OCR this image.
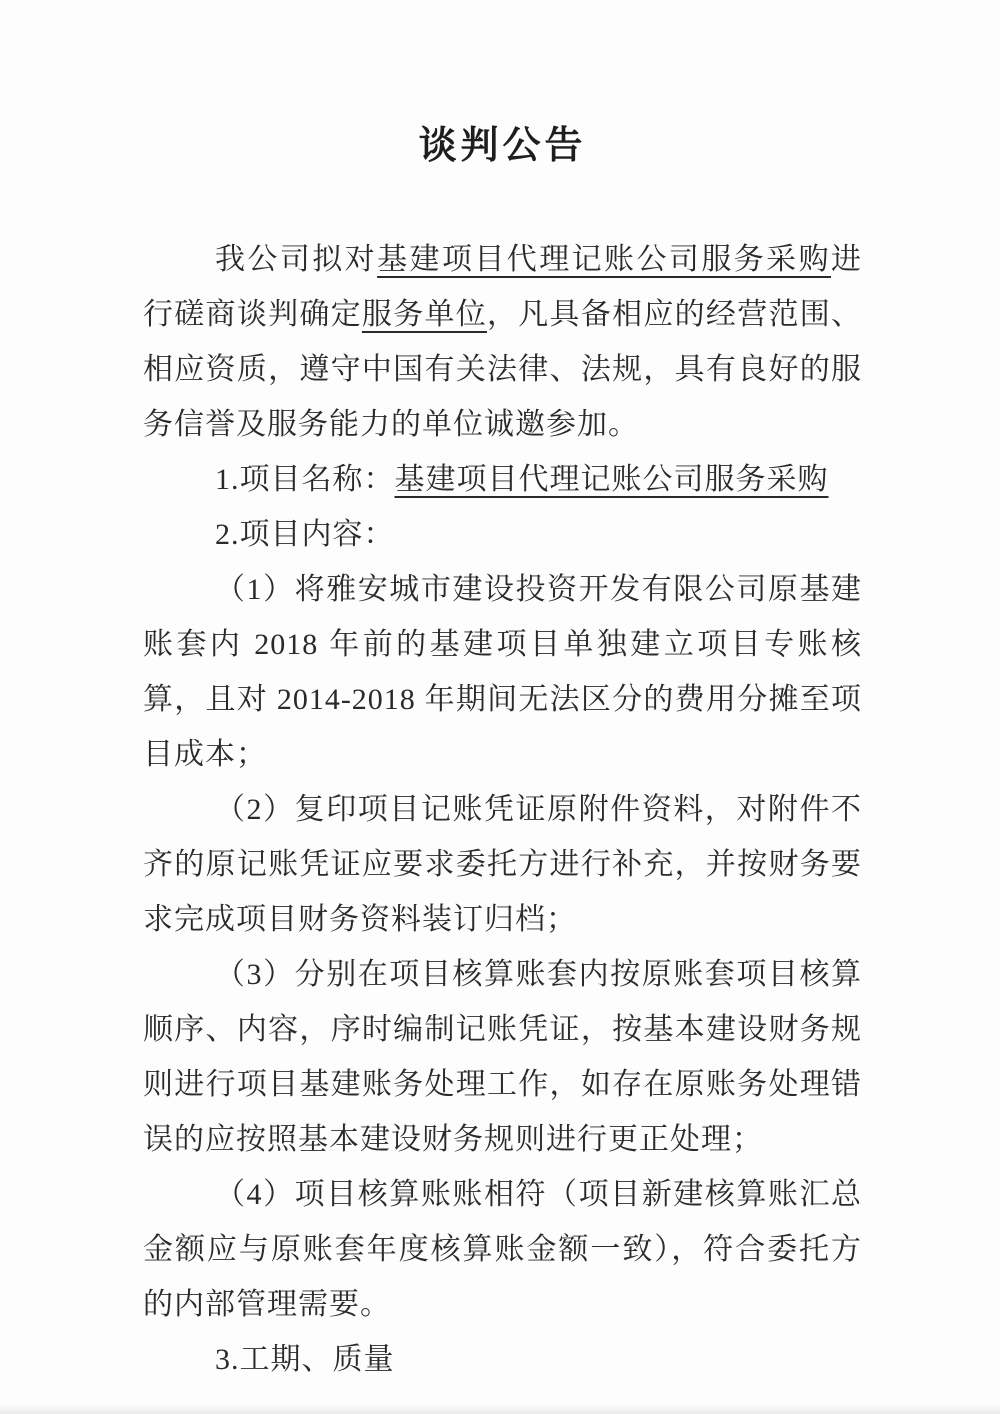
谈判公告

我公司拟对基建项目代理记账公司服务采购进行磋商谈判确定服务单位，凡具备相应的经营范围、相应资质，遵守中国有关法律、法规，具有良好的服务信誉及服务能力的单位诚邀参加。

1.项目名称：基建项目代理记账公司服务采购

2.项目内容：

（1）将雅安城市建设投资开发有限公司原基建账套内 2018 年前的基建项目单独建立项目专账核算，且对 2014-2018 年期间无法区分的费用分摊至项目成本；

（2）复印项目记账凭证原附件资料，对附件不齐的原记账凭证应要求委托方进行补充，并按财务要求完成项目财务资料装订归档；

（3）分别在项目核算账套内按原账套项目核算顺序、内容，序时编制记账凭证，按基本建设财务规则进行项目基建账务处理工作，如存在原账务处理错误的应按照基本建设财务规则进行更正处理；

（4）项目核算账账相符（项目新建核算账汇总金额应与原账套年度核算账金额一致），符合委托方的内部管理需要。

3.工期、质量
